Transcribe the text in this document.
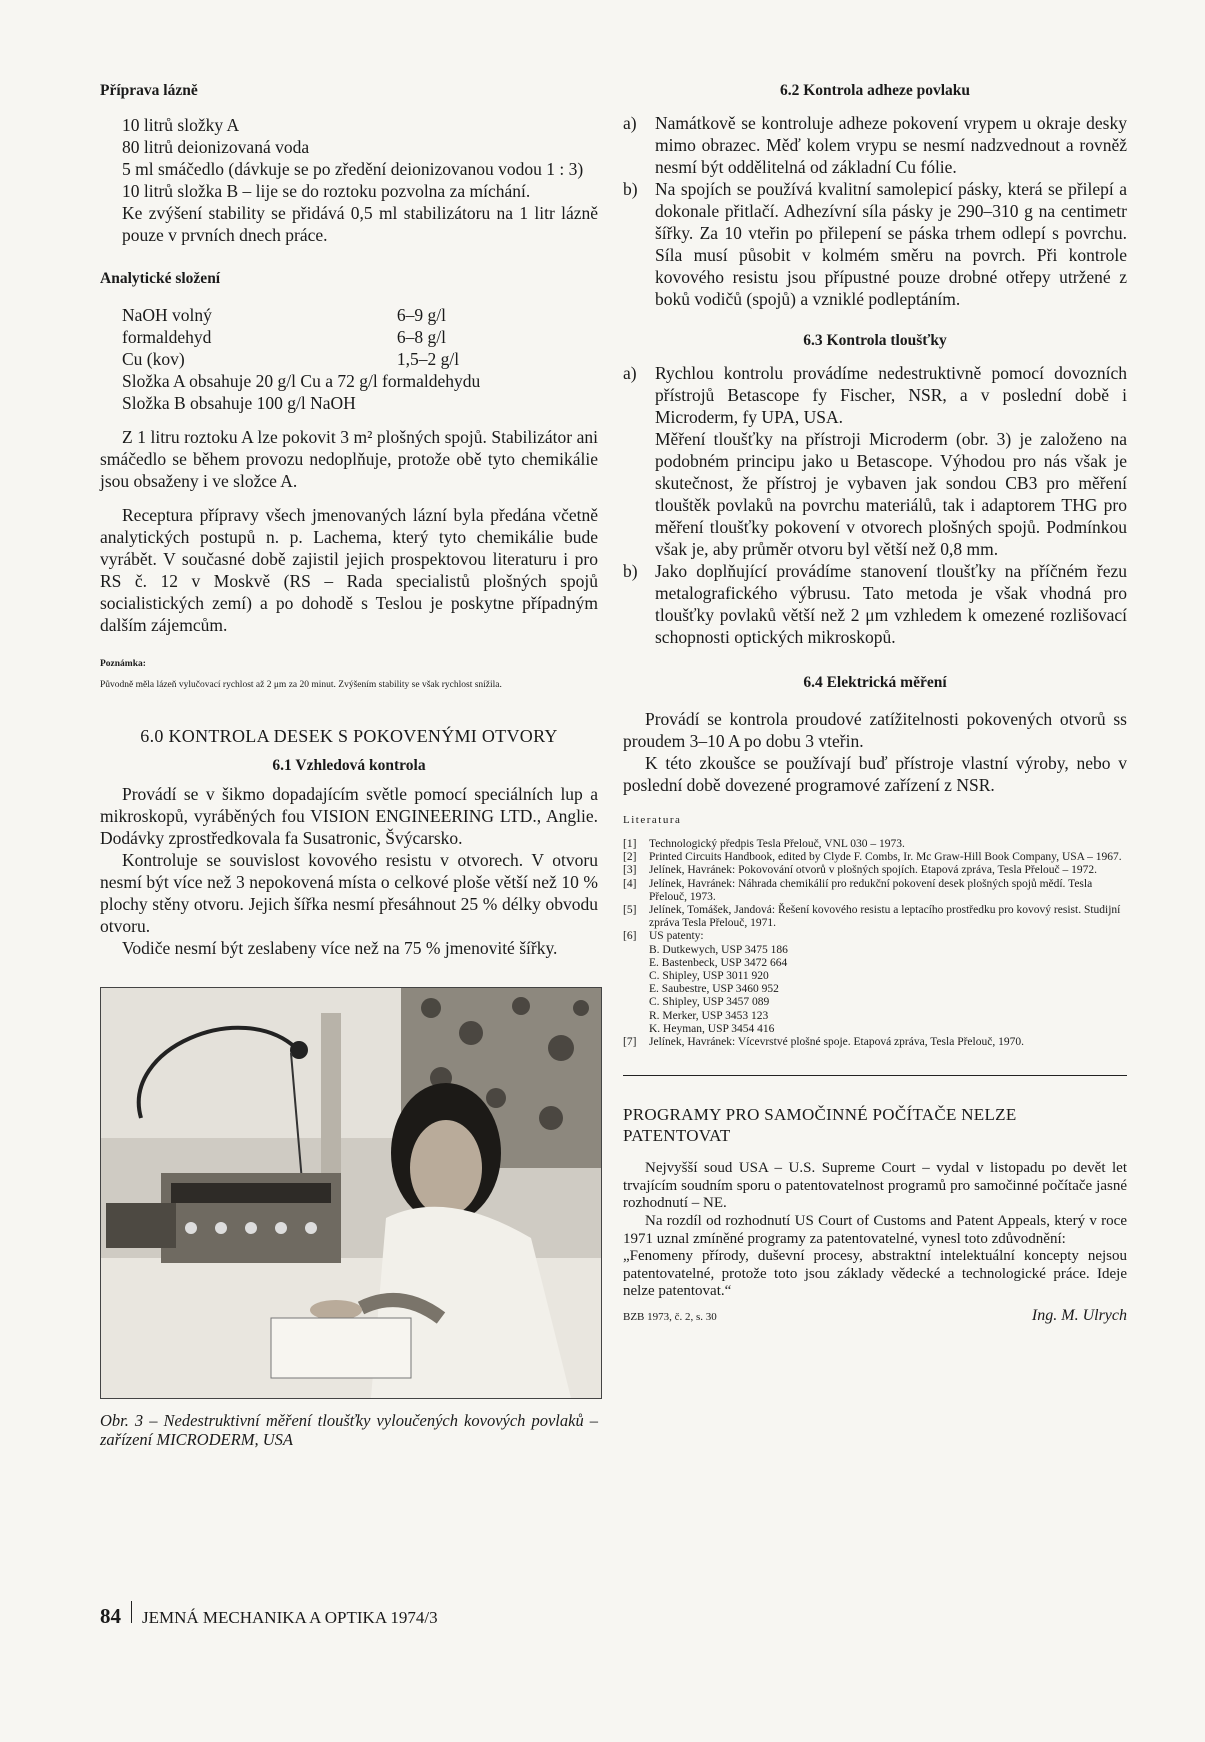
Příprava lázně

10 litrů složky A
80 litrů deionizovaná voda
5 ml smáčedlo (dávkuje se po zředění deionizovanou vodou 1 : 3)
10 litrů složka B – lije se do roztoku pozvolna za míchání.
Ke zvýšení stability se přidává 0,5 ml stabilizátoru na 1 litr lázně pouze v prvních dnech práce.

Analytické složení

NaOH volný	6–9 g/l
formaldehyd	6–8 g/l
Cu (kov)	1,5–2 g/l
Složka A obsahuje 20 g/l Cu a 72 g/l formaldehydu
Složka B obsahuje 100 g/l NaOH

Z 1 litru roztoku A lze pokovit 3 m² plošných spojů. Stabilizátor ani smáčedlo se během provozu nedoplňuje, protože obě tyto chemikálie jsou obsaženy i ve složce A.

Receptura přípravy všech jmenovaných lázní byla předána včetně analytických postupů n. p. Lachema, který tyto chemikálie bude vyrábět. V současné době zajistil jejich prospektovou literaturu i pro RS č. 12 v Moskvě (RS – Rada specialistů plošných spojů socialistických zemí) a po dohodě s Teslou je poskytne případným dalším zájemcům.

Poznámka:

Původně měla lázeň vylučovací rychlost až 2 μm za 20 minut. Zvýšením stability se však rychlost snížila.

6.0 KONTROLA DESEK S POKOVENÝMI OTVORY

6.1 Vzhledová kontrola

Provádí se v šikmo dopadajícím světle pomocí speciálních lup a mikroskopů, vyráběných fou VISION ENGINEERING LTD., Anglie. Dodávky zprostředkovala fa Susatronic, Švýcarsko.

Kontroluje se souvislost kovového resistu v otvorech. V otvoru nesmí být více než 3 nepokovená místa o celkové ploše větší než 10 % plochy stěny otvoru. Jejich šířka nesmí přesáhnout 25 % délky obvodu otvoru.

Vodiče nesmí být zeslabeny více než na 75 % jmenovité šířky.

Obr. 3 – Nedestruktivní měření tloušťky vyloučených kovových povlaků – zařízení MICRODERM, USA

6.2 Kontrola adheze povlaku

a)	Namátkově se kontroluje adheze pokovení vrypem u okraje desky mimo obrazec. Měď kolem vrypu se nesmí nadzvednout a rovněž nesmí být oddělitelná od základní Cu fólie.
b) Na spojích se používá kvalitní samolepicí pásky, která se přilepí a dokonale přitlačí. Adhezívní síla pásky je 290–310 g na centimetr šířky. Za 10 vteřin po přilepení se páska trhem odlepí s povrchu. Síla musí působit v kolmém směru na povrch. Při kontrole kovového resistu jsou přípustné pouze drobné otřepy utržené z boků vodičů (spojů) a vzniklé podleptáním.

6.3 Kontrola tloušťky

a)	Rychlou kontrolu provádíme nedestruktivně pomocí dovozních přístrojů Betascope fy Fischer, NSR, a v poslední době i Microderm, fy UPA, USA.
Měření tloušťky na přístroji Microderm (obr. 3) je založeno na podobném principu jako u Betascope. Výhodou pro nás však je skutečnost, že přístroj je vybaven jak sondou CB3 pro měření tlouštěk povlaků na povrchu materiálů, tak i adaptorem THG pro měření tloušťky pokovení v otvorech plošných spojů. Podmínkou však je, aby průměr otvoru byl větší než 0,8 mm.
b) Jako doplňující provádíme stanovení tloušťky na příčném řezu metalografického výbrusu. Tato metoda je však vhodná pro tloušťky povlaků větší než 2 μm vzhledem k omezené rozlišovací schopnosti optických mikroskopů.

6.4 Elektrická měření

Provádí se kontrola proudové zatížitelnosti pokovených otvorů ss proudem 3–10 A po dobu 3 vteřin.

K této zkoušce se používají buď přístroje vlastní výroby, nebo v poslední době dovezené programové zařízení z NSR.

Literatura

[1]	Technologický předpis Tesla Přelouč, VNL 030 – 1973.
[2]	Printed Circuits Handbook, edited by Clyde F. Combs, Ir. Mc Graw-Hill Book Company, USA – 1967.
[3]	Jelínek, Havránek: Pokovování otvorů v plošných spojích. Etapová zpráva, Tesla Přelouč – 1972.
[4]	Jelínek, Havránek: Náhrada chemikálií pro redukční pokovení desek plošných spojů mědí. Tesla Přelouč, 1973.
[5]	Jelínek, Tomášek, Jandová: Řešení kovového resistu a leptacího prostředku pro kovový resist. Studijní zpráva Tesla Přelouč, 1971.
[6]	US patenty:
B. Dutkewych, USP 3475 186
E. Bastenbeck, USP 3472 664
C. Shipley, USP 3011 920
E. Saubestre, USP 3460 952
C. Shipley, USP 3457 089
R. Merker, USP 3453 123
K. Heyman, USP 3454 416
[7]	Jelínek, Havránek: Vícevrstvé plošné spoje. Etapová zpráva, Tesla Přelouč, 1970.

PROGRAMY PRO SAMOČINNÉ POČÍTAČE NELZE PATENTOVAT

Nejvyšší soud USA – U.S. Supreme Court – vydal v listopadu po devět let trvajícím soudním sporu o patentovatelnost programů pro samočinné počítače jasné rozhodnutí – NE.

Na rozdíl od rozhodnutí US Court of Customs and Patent Appeals, který v roce 1971 uznal zmíněné programy za patentovatelné, vynesl toto zdůvodnění:

„Fenomeny přírody, duševní procesy, abstraktní intelektuální koncepty nejsou patentovatelné, protože toto jsou základy vědecké a technologické práce. Ideje nelze patentovat.“

BZB 1973, č. 2, s. 30	Ing. M. Ulrych
84 JEMNÁ MECHANIKA A OPTIKA 1974/3
